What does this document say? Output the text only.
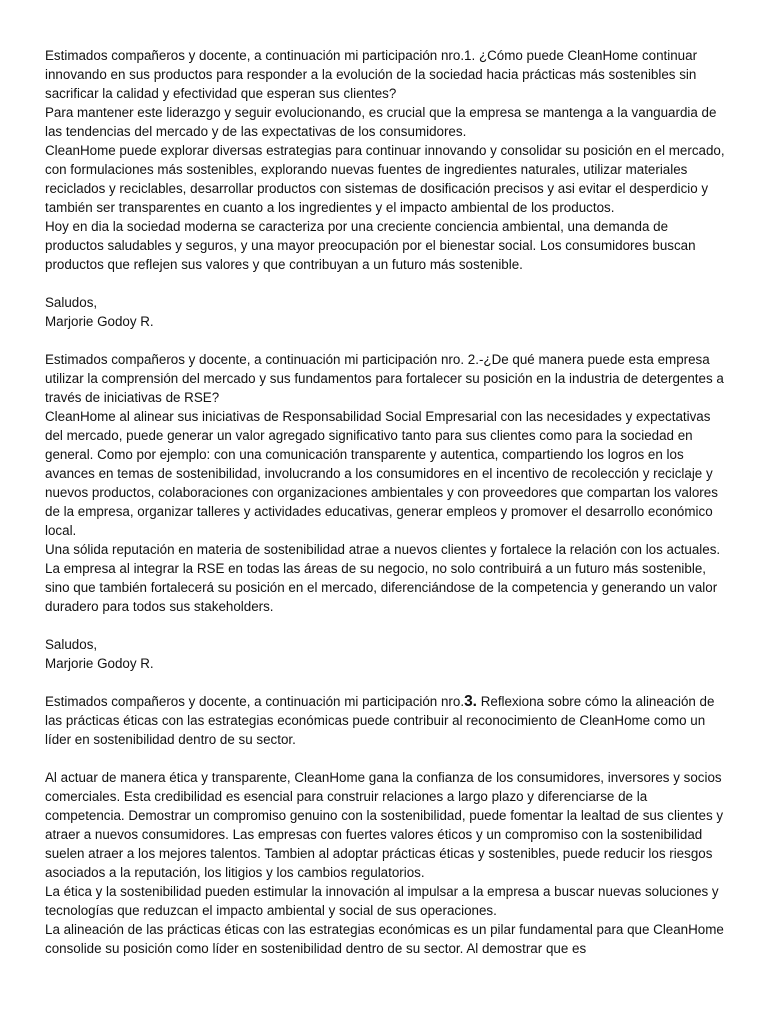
Estimados compañeros y docente, a continuación mi participación nro.1. ¿Cómo puede CleanHome continuar innovando en sus productos para responder a la evolución de la sociedad hacia prácticas más sostenibles sin sacrificar la calidad y efectividad que esperan sus clientes?

Para mantener este liderazgo y seguir evolucionando, es crucial que la empresa se mantenga a la vanguardia de las tendencias del mercado y de las expectativas de los consumidores.

CleanHome puede explorar diversas estrategias para continuar innovando y consolidar su posición en el mercado, con formulaciones más sostenibles, explorando nuevas fuentes de ingredientes naturales, utilizar materiales reciclados y reciclables, desarrollar productos con sistemas de dosificación precisos y asi evitar el desperdicio y también ser transparentes en cuanto a los ingredientes y el impacto ambiental de los productos.

Hoy en dia la sociedad moderna se caracteriza por una creciente conciencia ambiental, una demanda de productos saludables y seguros, y una mayor preocupación por el bienestar social. Los consumidores buscan productos que reflejen sus valores y que contribuyan a un futuro más sostenible.

Saludos,

Marjorie Godoy R.

Estimados compañeros y docente, a continuación mi participación nro. 2.-¿De qué manera puede esta empresa utilizar la comprensión del mercado y sus fundamentos para fortalecer su posición en la industria de detergentes a través de iniciativas de RSE?

CleanHome al alinear sus iniciativas de Responsabilidad Social Empresarial con las necesidades y expectativas del mercado, puede generar un valor agregado significativo tanto para sus clientes como para la sociedad en general. Como por ejemplo: con una comunicación transparente y autentica, compartiendo los logros en los avances en temas de sostenibilidad, involucrando a los consumidores en el incentivo de recolección y reciclaje y nuevos productos, colaboraciones con organizaciones ambientales y con proveedores que compartan los valores de la empresa, organizar talleres y actividades educativas, generar empleos y promover el desarrollo económico local.

Una sólida reputación en materia de sostenibilidad atrae a nuevos clientes y fortalece la relación con los actuales.

La empresa al integrar la RSE en todas las áreas de su negocio, no solo contribuirá a un futuro más sostenible, sino que también fortalecerá su posición en el mercado, diferenciándose de la competencia y generando un valor duradero para todos sus stakeholders.

Saludos,

Marjorie Godoy R.

Estimados compañeros y docente, a continuación mi participación nro.3. Reflexiona sobre cómo la alineación de las prácticas éticas con las estrategias económicas puede contribuir al reconocimiento de CleanHome como un líder en sostenibilidad dentro de su sector.

Al actuar de manera ética y transparente, CleanHome gana la confianza de los consumidores, inversores y socios comerciales. Esta credibilidad es esencial para construir relaciones a largo plazo y diferenciarse de la competencia. Demostrar un compromiso genuino con la sostenibilidad, puede fomentar la lealtad de sus clientes y atraer a nuevos consumidores. Las empresas con fuertes valores éticos y un compromiso con la sostenibilidad suelen atraer a los mejores talentos. Tambien al adoptar prácticas éticas y sostenibles, puede reducir los riesgos asociados a la reputación, los litigios y los cambios regulatorios.

La ética y la sostenibilidad pueden estimular la innovación al impulsar a la empresa a buscar nuevas soluciones y tecnologías que reduzcan el impacto ambiental y social de sus operaciones.

La alineación de las prácticas éticas con las estrategias económicas es un pilar fundamental para que CleanHome consolide su posición como líder en sostenibilidad dentro de su sector. Al demostrar que es
